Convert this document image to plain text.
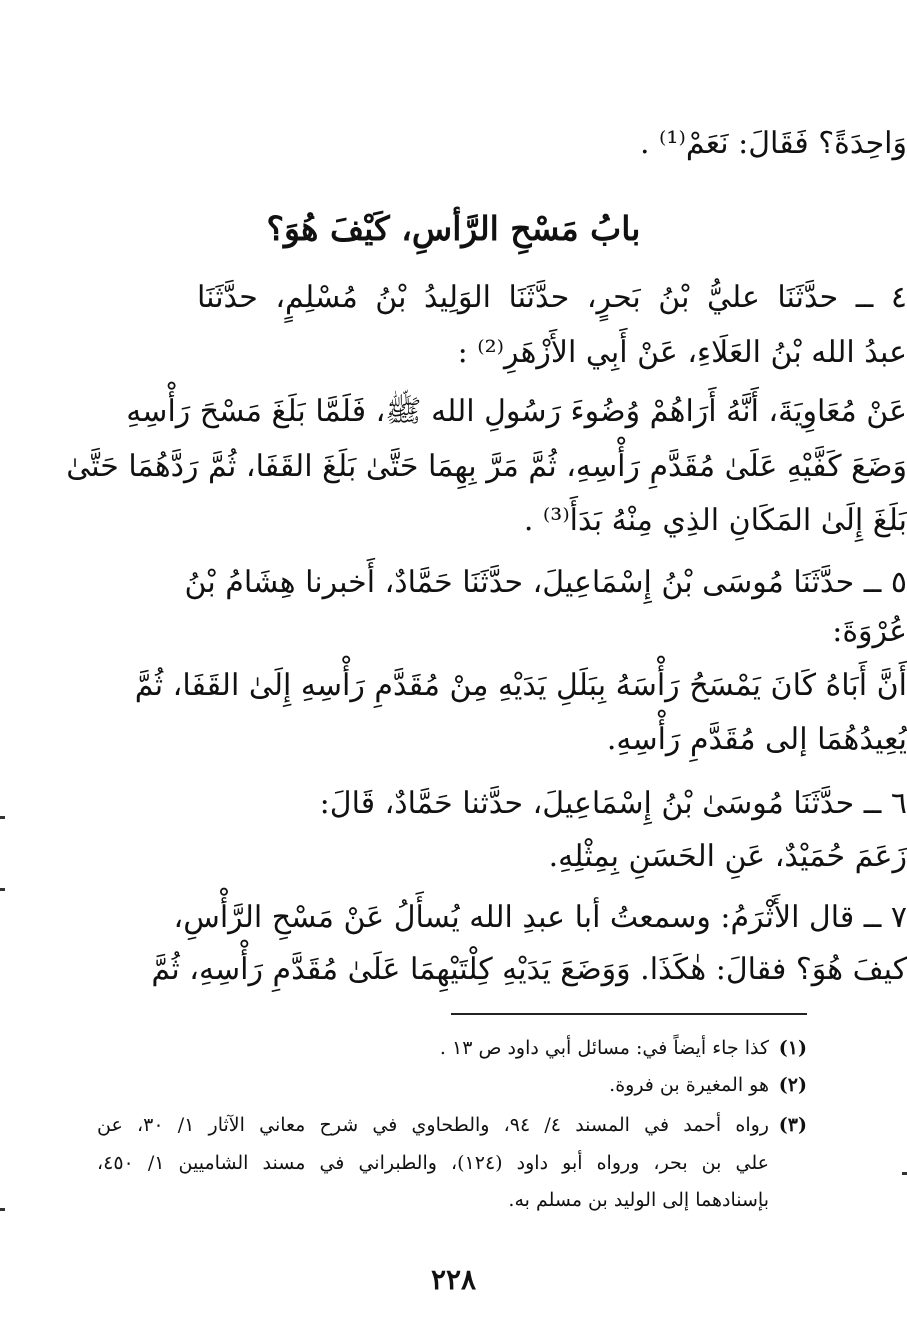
وَاحِدَةً؟ فَقَالَ: نَعَمْ⁽¹⁾ .
بابُ مَسْحِ الرَّأسِ، كَيْفَ هُوَ؟
٤ ــ حدَّثَنَا عليُّ بْنُ بَحرٍ، حدَّثَنَا الوَلِيدُ بْنُ مُسْلِمٍ، حدَّثَنَا
عبدُ الله بْنُ العَلَاءِ، عَنْ أَبِي الأَزْهَرِ⁽²⁾ :
عَنْ مُعَاوِيَةَ، أَنَّهُ أَرَاهُمْ وُضُوءَ رَسُولِ الله ﷺ، فَلَمَّا بَلَغَ مَسْحَ رَأْسِهِ
وَضَعَ كَفَّيْهِ عَلَىٰ مُقَدَّمِ رَأْسِهِ، ثُمَّ مَرَّ بِهِمَا حَتَّىٰ بَلَغَ القَفَا، ثُمَّ رَدَّهُمَا حَتَّىٰ
بَلَغَ إِلَىٰ المَكَانِ الذِي مِنْهُ بَدَأَ⁽³⁾ .
٥ ــ حدَّثَنَا مُوسَى بْنُ إِسْمَاعِيلَ، حدَّثَنَا حَمَّادٌ، أَخبرنا هِشَامُ بْنُ
عُرْوَةَ:
أَنَّ أَبَاهُ كَانَ يَمْسَحُ رَأْسَهُ بِبَلَلِ يَدَيْهِ مِنْ مُقَدَّمِ رَأْسِهِ إِلَىٰ القَفَا، ثُمَّ
يُعِيدُهُمَا إلى مُقَدَّمِ رَأْسِهِ.
٦ ــ حدَّثَنَا مُوسَىٰ بْنُ إِسْمَاعِيلَ، حدَّثنا حَمَّادٌ، قَالَ:
زَعَمَ حُمَيْدٌ، عَنِ الحَسَنِ بِمِثْلِهِ.
٧ ــ قال الأَثْرَمُ: وسمعتُ أبا عبدِ الله يُسأَلُ عَنْ مَسْحِ الرَّأْسِ،
كيفَ هُوَ؟ فقالَ: هٰكَذَا. وَوَضَعَ يَدَيْهِ كِلْتَيْهِمَا عَلَىٰ مُقَدَّمِ رَأْسِهِ، ثُمَّ
(١)كذا جاء أيضاً في: مسائل أبي داود ص ١٣ .
(٢)هو المغيرة بن فروة.
(٣)رواه أحمد في المسند ٤/ ٩٤، والطحاوي في شرح معاني الآثار ١/ ٣٠، عن
علي بن بحر، ورواه أبو داود (١٢٤)، والطبراني في مسند الشاميين ١/ ٤٥٠،
بإسنادهما إلى الوليد بن مسلم به.
٢٢٨
